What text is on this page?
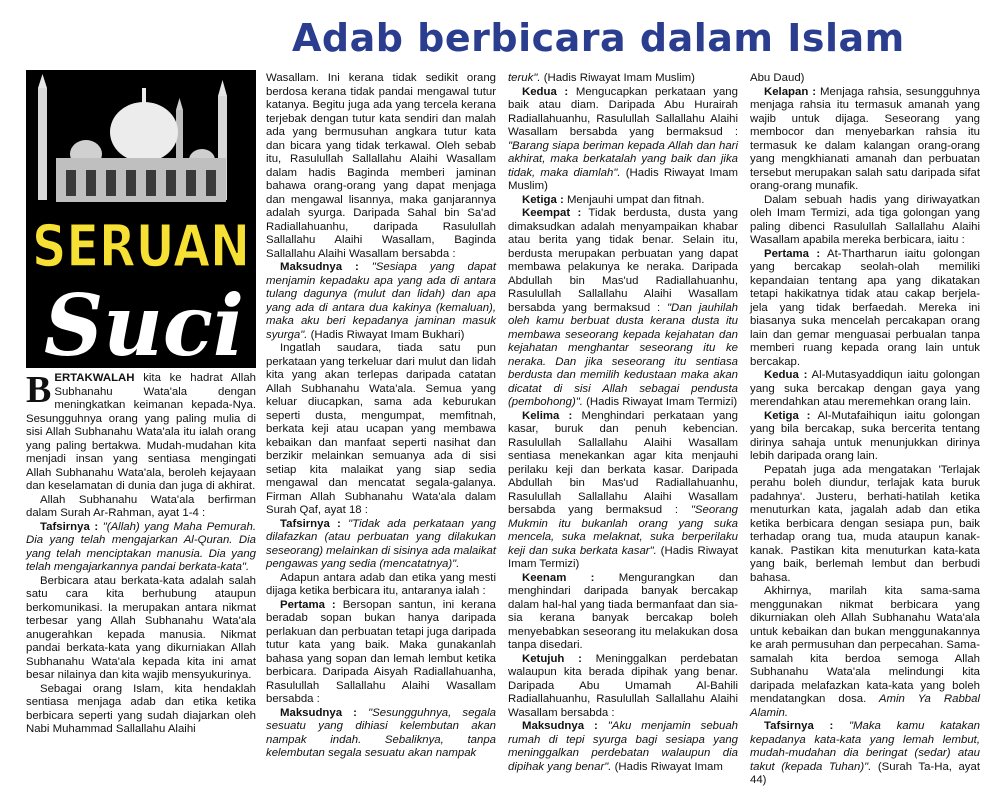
Adab berbicara dalam Islam
SERUAN
Suci

BERTAKWALAH kita ke hadrat Allah Subhanahu Wata'ala dengan meningkatkan keimanan kepada-Nya. Sesungguhnya orang yang paling mulia di sisi Allah Subhanahu Wata'ala itu ialah orang yang paling bertakwa. Mudah-mudahan kita menjadi insan yang sentiasa mengingati Allah Subhanahu Wata'ala, beroleh kejayaan dan keselamatan di dunia dan juga di akhirat.

Allah Subhanahu Wata'ala berfirman dalam Surah Ar-Rahman, ayat 1-4 :

Tafsirnya : "(Allah) yang Maha Pemurah. Dia yang telah mengajarkan Al-Quran. Dia yang telah menciptakan manusia. Dia yang telah mengajarkannya pandai berkata-kata".

Berbicara atau berkata-kata adalah salah satu cara kita berhubung ataupun berkomunikasi. Ia merupakan antara nikmat terbesar yang Allah Subhanahu Wata'ala anugerahkan kepada manusia. Nikmat pandai berkata-kata yang dikurniakan Allah Subhanahu Wata'ala kepada kita ini amat besar nilainya dan kita wajib mensyukurinya.

Sebagai orang Islam, kita hendaklah sentiasa menjaga adab dan etika ketika berbicara seperti yang sudah diajarkan oleh Nabi Muhammad Sallallahu Alaihi

Wasallam. Ini kerana tidak sedikit orang berdosa kerana tidak pandai mengawal tutur katanya. Begitu juga ada yang tercela kerana terjebak dengan tutur kata sendiri dan malah ada yang bermusuhan angkara tutur kata dan bicara yang tidak terkawal. Oleh sebab itu, Rasulullah Sallallahu Alaihi Wasallam dalam hadis Baginda memberi jaminan bahawa orang-orang yang dapat menjaga dan mengawal lisannya, maka ganjarannya adalah syurga. Daripada Sahal bin Sa'ad Radiallahuanhu, daripada Rasulullah Sallallahu Alaihi Wasallam, Baginda Sallallahu Alaihi Wasallam bersabda :

Maksudnya : "Sesiapa yang dapat menjamin kepadaku apa yang ada di antara tulang dagunya (mulut dan lidah) dan apa yang ada di antara dua kakinya (kemaluan), maka aku beri kepadanya jaminan masuk syurga". (Hadis Riwayat Imam Bukhari)

Ingatlah saudara, tiada satu pun perkataan yang terkeluar dari mulut dan lidah kita yang akan terlepas daripada catatan Allah Subhanahu Wata'ala. Semua yang keluar diucapkan, sama ada keburukan seperti dusta, mengumpat, memfitnah, berkata keji atau ucapan yang membawa kebaikan dan manfaat seperti nasihat dan berzikir melainkan semuanya ada di sisi setiap kita malaikat yang siap sedia mengawal dan mencatat segala-galanya. Firman Allah Subhanahu Wata'ala dalam Surah Qaf, ayat 18 :

Tafsirnya : "Tidak ada perkataan yang dilafazkan (atau perbuatan yang dilakukan seseorang) melainkan di sisinya ada malaikat pengawas yang sedia (mencatatnya)".

Adapun antara adab dan etika yang mesti dijaga ketika berbicara itu, antaranya ialah :

Pertama : Bersopan santun, ini kerana beradab sopan bukan hanya daripada perlakuan dan perbuatan tetapi juga daripada tutur kata yang baik. Maka gunakanlah bahasa yang sopan dan lemah lembut ketika berbicara. Daripada Aisyah Radiallahuanha, Rasulullah Sallallahu Alaihi Wasallam bersabda :

Maksudnya : "Sesungguhnya, segala sesuatu yang dihiasi kelembutan akan nampak indah. Sebaliknya, tanpa kelembutan segala sesuatu akan nampak

teruk". (Hadis Riwayat Imam Muslim)

Kedua : Mengucapkan perkataan yang baik atau diam. Daripada Abu Hurairah Radiallahuanhu, Rasulullah Sallallahu Alaihi Wasallam bersabda yang bermaksud : "Barang siapa beriman kepada Allah dan hari akhirat, maka berkatalah yang baik dan jika tidak, maka diamlah". (Hadis Riwayat Imam Muslim)

Ketiga : Menjauhi umpat dan fitnah.

Keempat : Tidak berdusta, dusta yang dimaksudkan adalah menyampaikan khabar atau berita yang tidak benar. Selain itu, berdusta merupakan perbuatan yang dapat membawa pelakunya ke neraka. Daripada Abdullah bin Mas'ud Radiallahuanhu, Rasulullah Sallallahu Alaihi Wasallam bersabda yang bermaksud : "Dan jauhilah oleh kamu berbuat dusta kerana dusta itu membawa seseorang kepada kejahatan dan kejahatan menghantar seseorang itu ke neraka. Dan jika seseorang itu sentiasa berdusta dan memilih kedustaan maka akan dicatat di sisi Allah sebagai pendusta (pembohong)". (Hadis Riwayat Imam Termizi)

Kelima : Menghindari perkataan yang kasar, buruk dan penuh kebencian. Rasulullah Sallallahu Alaihi Wasallam sentiasa menekankan agar kita menjauhi perilaku keji dan berkata kasar. Daripada Abdullah bin Mas'ud Radiallahuanhu, Rasulullah Sallallahu Alaihi Wasallam bersabda yang bermaksud : "Seorang Mukmin itu bukanlah orang yang suka mencela, suka melaknat, suka berperilaku keji dan suka berkata kasar". (Hadis Riwayat Imam Termizi)

Keenam : Mengurangkan dan menghindari daripada banyak bercakap dalam hal-hal yang tiada bermanfaat dan sia-sia kerana banyak bercakap boleh menyebabkan seseorang itu melakukan dosa tanpa disedari.

Ketujuh : Meninggalkan perdebatan walaupun kita berada dipihak yang benar. Daripada Abu Umamah Al-Bahili Radiallahuanhu, Rasulullah Sallallahu Alaihi Wasallam bersabda :

Maksudnya : "Aku menjamin sebuah rumah di tepi syurga bagi sesiapa yang meninggalkan perdebatan walaupun dia dipihak yang benar". (Hadis Riwayat Imam

Abu Daud)

Kelapan : Menjaga rahsia, sesungguhnya menjaga rahsia itu termasuk amanah yang wajib untuk dijaga. Seseorang yang membocor dan menyebarkan rahsia itu termasuk ke dalam kalangan orang-orang yang mengkhianati amanah dan perbuatan tersebut merupakan salah satu daripada sifat orang-orang munafik.

Dalam sebuah hadis yang diriwayatkan oleh Imam Termizi, ada tiga golongan yang paling dibenci Rasulullah Sallallahu Alaihi Wasallam apabila mereka berbicara, iaitu :

Pertama : At-Thartharun iaitu golongan yang bercakap seolah-olah memiliki kepandaian tentang apa yang dikatakan tetapi hakikatnya tidak atau cakap berjela-jela yang tidak berfaedah. Mereka ini biasanya suka mencelah percakapan orang lain dan gemar menguasai perbualan tanpa memberi ruang kepada orang lain untuk bercakap.

Kedua : Al-Mutasyaddiqun iaitu golongan yang suka bercakap dengan gaya yang merendahkan atau meremehkan orang lain.

Ketiga : Al-Mutafaihiqun iaitu golongan yang bila bercakap, suka bercerita tentang dirinya sahaja untuk menunjukkan dirinya lebih daripada orang lain.

Pepatah juga ada mengatakan 'Terlajak perahu boleh diundur, terlajak kata buruk padahnya'. Justeru, berhati-hatilah ketika menuturkan kata, jagalah adab dan etika ketika berbicara dengan sesiapa pun, baik terhadap orang tua, muda ataupun kanak-kanak. Pastikan kita menuturkan kata-kata yang baik, berlemah lembut dan berbudi bahasa.

Akhirnya, marilah kita sama-sama menggunakan nikmat berbicara yang dikurniakan oleh Allah Subhanahu Wata'ala untuk kebaikan dan bukan menggunakannya ke arah permusuhan dan perpecahan. Sama-samalah kita berdoa semoga Allah Subhanahu Wata'ala melindungi kita daripada melafazkan kata-kata yang boleh mendatangkan dosa. Amin Ya Rabbal Alamin.

Tafsirnya : "Maka kamu katakan kepadanya kata-kata yang lemah lembut, mudah-mudahan dia beringat (sedar) atau takut (kepada Tuhan)". (Surah Ta-Ha, ayat 44)
